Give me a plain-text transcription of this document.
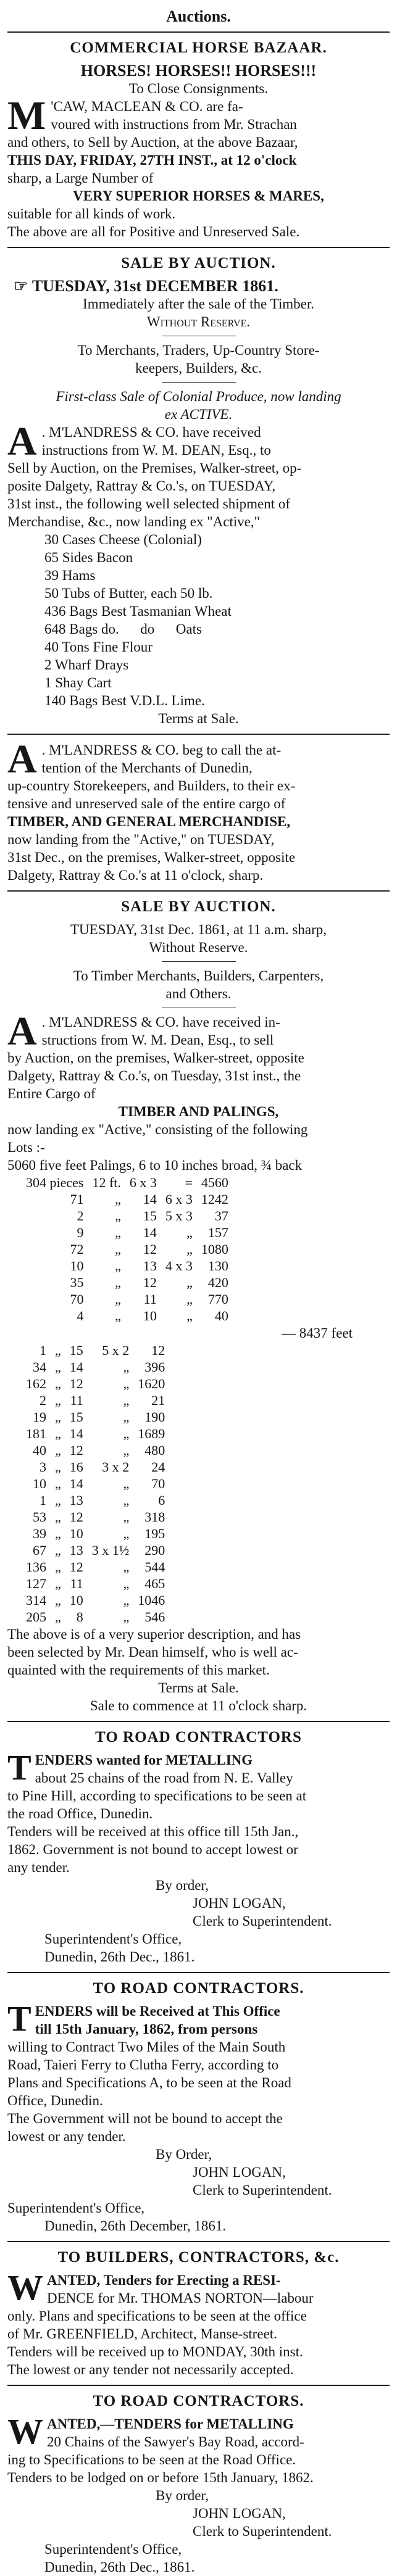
Auctions.

COMMERCIAL HORSE BAZAAR.

HORSES! HORSES!! HORSES!!!

To Close Consignments.

M 'CAW, MACLEAN & CO. are fa-

voured with instructions from Mr. Strachan

and others, to Sell by Auction, at the above Bazaar,

THIS DAY, FRIDAY, 27TH INST., at 12 o'clock

sharp, a Large Number of

VERY SUPERIOR HORSES & MARES,

suitable for all kinds of work.

The above are all for Positive and Unreserved Sale.

SALE BY AUCTION.

☞ TUESDAY, 31st DECEMBER 1861.

Immediately after the sale of the Timber.

Without Reserve.

To Merchants, Traders, Up-Country Store-

keepers, Builders, &c.

First-class Sale of Colonial Produce, now landing

ex ACTIVE.

A . M'LANDRESS & CO. have received

instructions from W. M. DEAN, Esq., to

Sell by Auction, on the Premises, Walker-street, op-

posite Dalgety, Rattray & Co.'s, on TUESDAY,

31st inst., the following well selected shipment of

Merchandise, &c., now landing ex "Active,"

30 Cases Cheese (Colonial)

65 Sides Bacon

39 Hams

50 Tubs of Butter, each 50 lb.

436 Bags Best Tasmanian Wheat

648 Bags do.      do      Oats

40 Tons Fine Flour

2 Wharf Drays

1 Shay Cart

140 Bags Best V.D.L. Lime.

Terms at Sale.

A . M'LANDRESS & CO. beg to call the at-

tention of the Merchants of Dunedin,

up-country Storekeepers, and Builders, to their ex-

tensive and unreserved sale of the entire cargo of

TIMBER, AND GENERAL MERCHANDISE,

now landing from the "Active," on TUESDAY,

31st Dec., on the premises, Walker-street, opposite

Dalgety, Rattray & Co.'s at 11 o'clock, sharp.

SALE BY AUCTION.

TUESDAY, 31st Dec. 1861, at 11 a.m. sharp,

Without Reserve.

To Timber Merchants, Builders, Carpenters,

and Others.

A . M'LANDRESS & CO. have received in-

structions from W. M. Dean, Esq., to sell

by Auction, on the premises, Walker-street, opposite

Dalgety, Rattray & Co.'s, on Tuesday, 31st inst., the

Entire Cargo of

TIMBER AND PALINGS,

now landing ex "Active," consisting of the following

Lots :-

5060 five feet Palings, 6 to 10 inches broad, ¾ back

304 pieces	12 ft.	6 x 3	=	4560
71	„	14	6 x 3	1242
2	„	15	5 x 3	37
9	„	14	„	157
72	„	12	„	1080
10	„	13	4 x 3	130
35	„	12	„	420
70	„	11	„	770
4	„	10	„	40

— 8437 feet

1	„	15	5 x 2	12
34	„	14	„	396
162	„	12	„	1620
2	„	11	„	21
19	„	15	„	190
181	„	14	„	1689
40	„	12	„	480
3	„	16	3 x 2	24
10	„	14	„	70
1	„	13	„	6
53	„	12	„	318
39	„	10	„	195
67	„	13	3 x 1½	290
136	„	12	„	544
127	„	11	„	465
314	„	10	„	1046
205	„	8	„	546

The above is of a very superior description, and has

been selected by Mr. Dean himself, who is well ac-

quainted with the requirements of this market.

Terms at Sale.

Sale to commence at 11 o'clock sharp.

TO ROAD CONTRACTORS

T ENDERS wanted for METALLING

about 25 chains of the road from N. E. Valley

to Pine Hill, according to specifications to be seen at

the road Office, Dunedin.

Tenders will be received at this office till 15th Jan.,

1862. Government is not bound to accept lowest or

any tender.

By order,

JOHN LOGAN,

Clerk to Superintendent.

Superintendent's Office,

Dunedin, 26th Dec., 1861.

TO ROAD CONTRACTORS.

T ENDERS will be Received at This Office

till 15th January, 1862, from persons

willing to Contract Two Miles of the Main South

Road, Taieri Ferry to Clutha Ferry, according to

Plans and Specifications A, to be seen at the Road

Office, Dunedin.

The Government will not be bound to accept the

lowest or any tender.

By Order,

JOHN LOGAN,

Clerk to Superintendent.

Superintendent's Office,

Dunedin, 26th December, 1861.

TO BUILDERS, CONTRACTORS, &c.

W ANTED, Tenders for Erecting a RESI-

DENCE for Mr. THOMAS NORTON—labour

only. Plans and specifications to be seen at the office

of Mr. GREENFIELD, Architect, Manse-street.

Tenders will be received up to MONDAY, 30th inst.

The lowest or any tender not necessarily accepted.

TO ROAD CONTRACTORS.

W ANTED,—TENDERS for METALLING

20 Chains of the Sawyer's Bay Road, accord-

ing to Specifications to be seen at the Road Office.

Tenders to be lodged on or before 15th January, 1862.

By order,

JOHN LOGAN,

Clerk to Superintendent.

Superintendent's Office,

Dunedin, 26th Dec., 1861.
